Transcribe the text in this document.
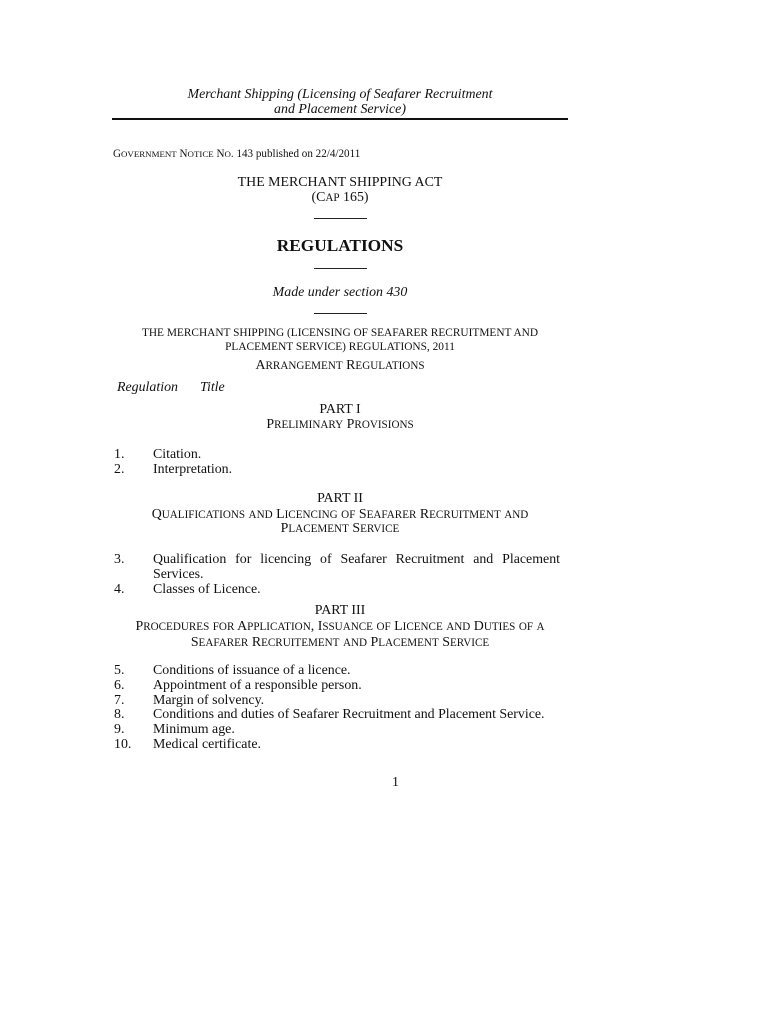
Merchant Shipping (Licensing of Seafarer Recruitment
and Placement Service)
GOVERNMENT NOTICE NO. 143 published on 22/4/2011
THE MERCHANT SHIPPING ACT
(CAP 165)
REGULATIONS
Made under section 430
THE MERCHANT SHIPPING (LICENSING OF SEAFARER RECRUITMENT AND
PLACEMENT SERVICE) REGULATIONS, 2011
ARRANGEMENT REGULATIONS
Regulation Title
PART I
PRELIMINARY PROVISIONS
1.	Citation.
2.	Interpretation.
PART II
QUALIFICATIONS AND LICENCING OF SEAFARER RECRUITMENT AND
PLACEMENT SERVICE
3.	Qualification for licencing of Seafarer Recruitment and Placement Services.
4.	Classes of Licence.
PART III
PROCEDURES FOR APPLICATION, ISSUANCE OF LICENCE AND DUTIES OF A
SEAFARER RECRUITEMENT AND PLACEMENT SERVICE
5.	Conditions of issuance of a licence.
6.	Appointment of a responsible person.
7.	Margin of solvency.
8.	Conditions and duties of Seafarer Recruitment and Placement Service.
9.	Minimum age.
10.	Medical certificate.
1
